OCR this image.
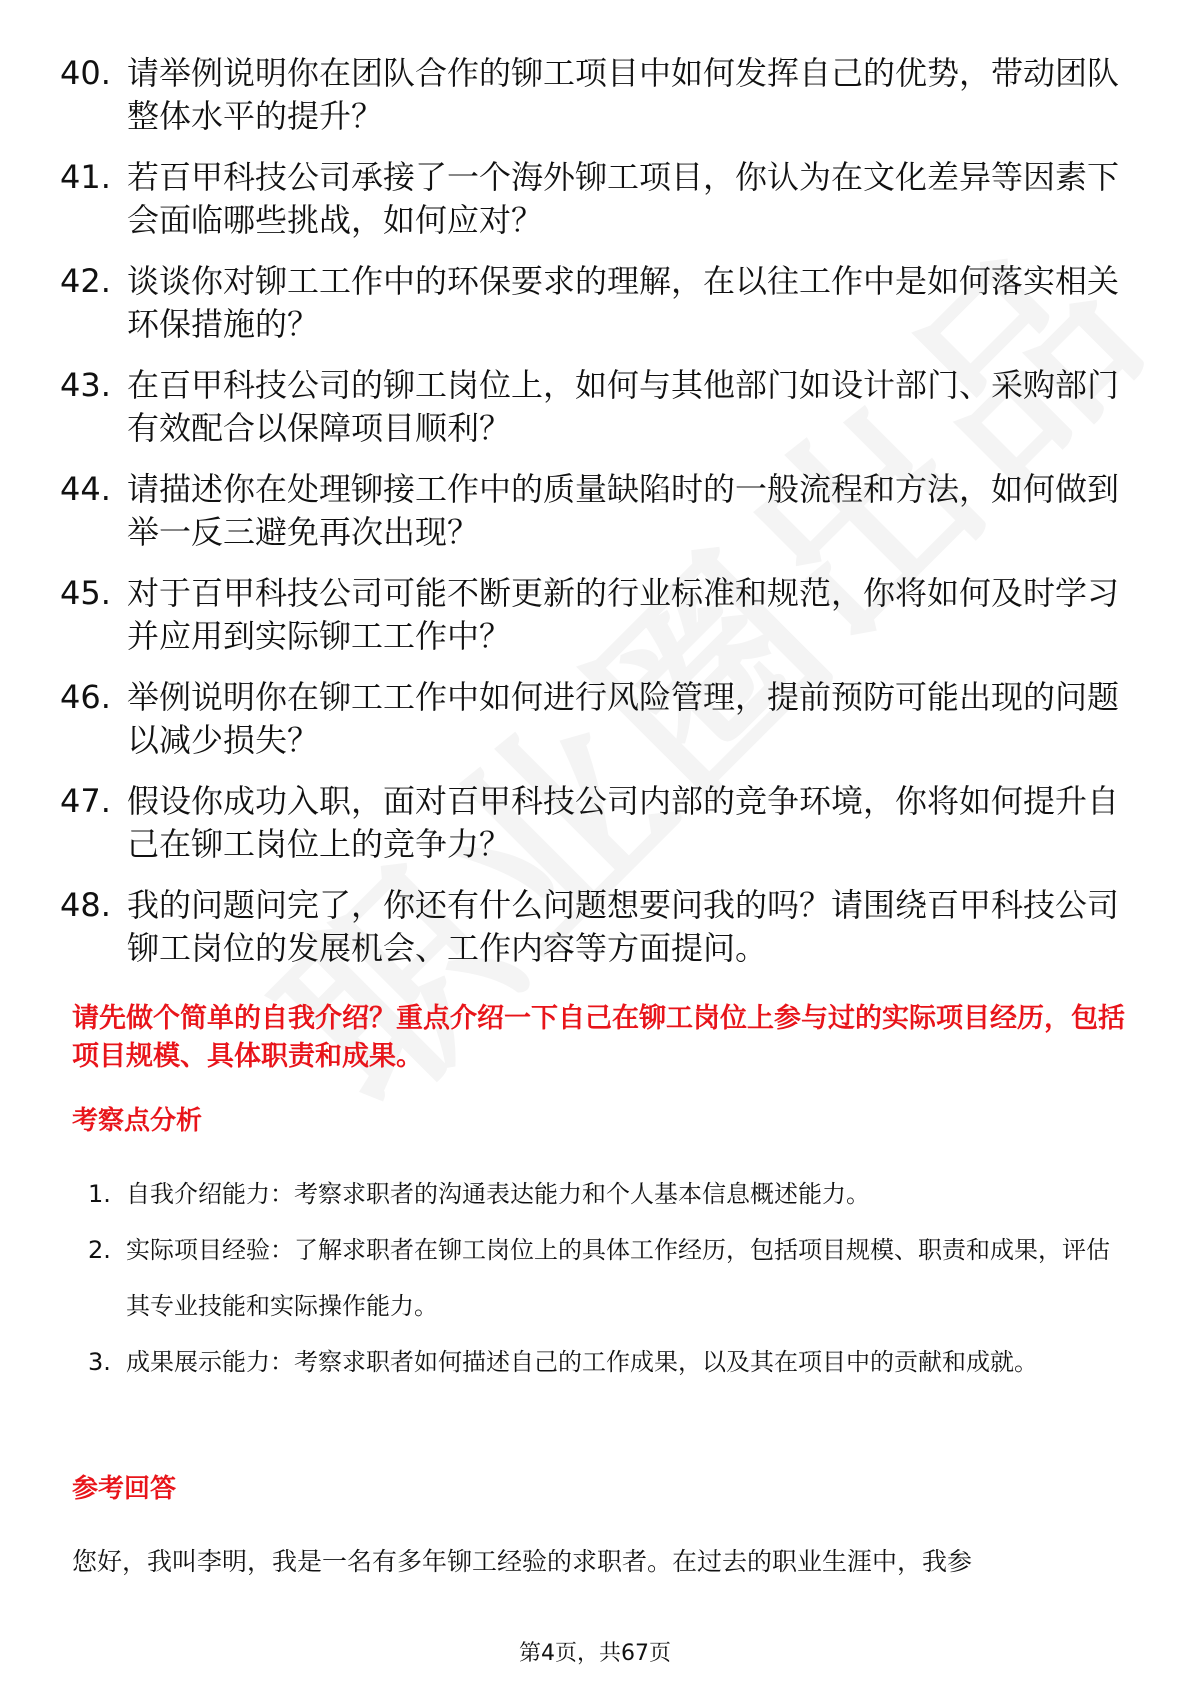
40. 请举例说明你在团队合作的铆工项目中如何发挥自己的优势，带动团队整体水平的提升？
41. 若百甲科技公司承接了一个海外铆工项目，你认为在文化差异等因素下会面临哪些挑战，如何应对？
42. 谈谈你对铆工工作中的环保要求的理解，在以往工作中是如何落实相关环保措施的？
43. 在百甲科技公司的铆工岗位上，如何与其他部门如设计部门、采购部门有效配合以保障项目顺利？
44. 请描述你在处理铆接工作中的质量缺陷时的一般流程和方法，如何做到举一反三避免再次出现？
45. 对于百甲科技公司可能不断更新的行业标准和规范，你将如何及时学习并应用到实际铆工工作中？
46. 举例说明你在铆工工作中如何进行风险管理，提前预防可能出现的问题以减少损失？
47. 假设你成功入职，面对百甲科技公司内部的竞争环境，你将如何提升自己在铆工岗位上的竞争力？
48. 我的问题问完了，你还有什么问题想要问我的吗？请围绕百甲科技公司铆工岗位的发展机会、工作内容等方面提问。

请先做个简单的自我介绍？重点介绍一下自己在铆工岗位上参与过的实际项目经历，包括项目规模、具体职责和成果。

考察点分析
1. 自我介绍能力：考察求职者的沟通表达能力和个人基本信息概述能力。
2. 实际项目经验：了解求职者在铆工岗位上的具体工作经历，包括项目规模、职责和成果，评估其专业技能和实际操作能力。
3. 成果展示能力：考察求职者如何描述自己的工作成果，以及其在项目中的贡献和成就。
参考回答

您好，我叫李明，我是一名有多年铆工经验的求职者。在过去的职业生涯中，我参

第4页，共67页
